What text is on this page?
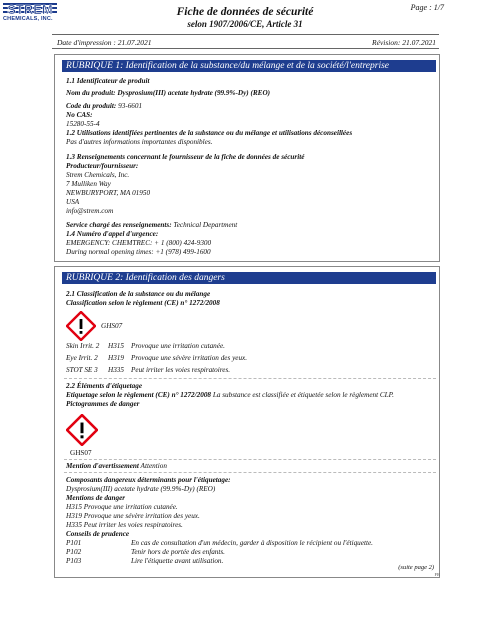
STREM
CHEMICALS, INC.
Fiche de données de sécurité
selon 1907/2006/CE, Article 31
Page : 1/7
Date d'impression : 21.07.2021	Révision: 21.07.2021
RUBRIQUE 1: Identification de la substance/du mélange et de la société/l'entreprise
1.1 Identificateur de produit
Nom du produit: Dysprosium(III) acetate hydrate (99.9%-Dy) (REO)
Code du produit: 93-6601
No CAS:
15280-55-4
1.2 Utilisations identifiées pertinentes de la substance ou du mélange et utilisations déconseillées
Pas d'autres informations importantes disponibles.
1.3 Renseignements concernant le fournisseur de la fiche de données de sécurité
Producteur/fournisseur:
Strem Chemicals, Inc.
7 Mulliken Way
NEWBURYPORT, MA 01950
USA
info@strem.com
Service chargé des renseignements: Technical Department
1.4 Numéro d'appel d'urgence:
EMERGENCY: CHEMTREC: + 1 (800) 424-9300
During normal opening times: +1 (978) 499-1600
RUBRIQUE 2: Identification des dangers
2.1 Classification de la substance ou du mélange
Classification selon le règlement (CE) n° 1272/2008
GHS07
Skin Irrit. 2 H315 Provoque une irritation cutanée.
Eye Irrit. 2 H319 Provoque une sévère irritation des yeux.
STOT SE 3 H335 Peut irriter les voies respiratoires.
2.2 Éléments d'étiquetage
Etiquetage selon le règlement (CE) n° 1272/2008 La substance est classifiée et étiquetée selon le règlement CLP.
Pictogrammes de danger
GHS07
Mention d'avertissement Attention
Composants dangereux déterminants pour l'étiquetage:
Dysprosium(III) acetate hydrate (99.9%-Dy) (REO)
Mentions de danger
H315 Provoque une irritation cutanée.
H319 Provoque une sévère irritation des yeux.
H335 Peut irriter les voies respiratoires.
Conseils de prudence
P101	En cas de consultation d'un médecin, garder à disposition le récipient ou l'étiquette.
P102	Tenir hors de portée des enfants.
P103	Lire l'étiquette avant utilisation.
(suite page 2)
FR
